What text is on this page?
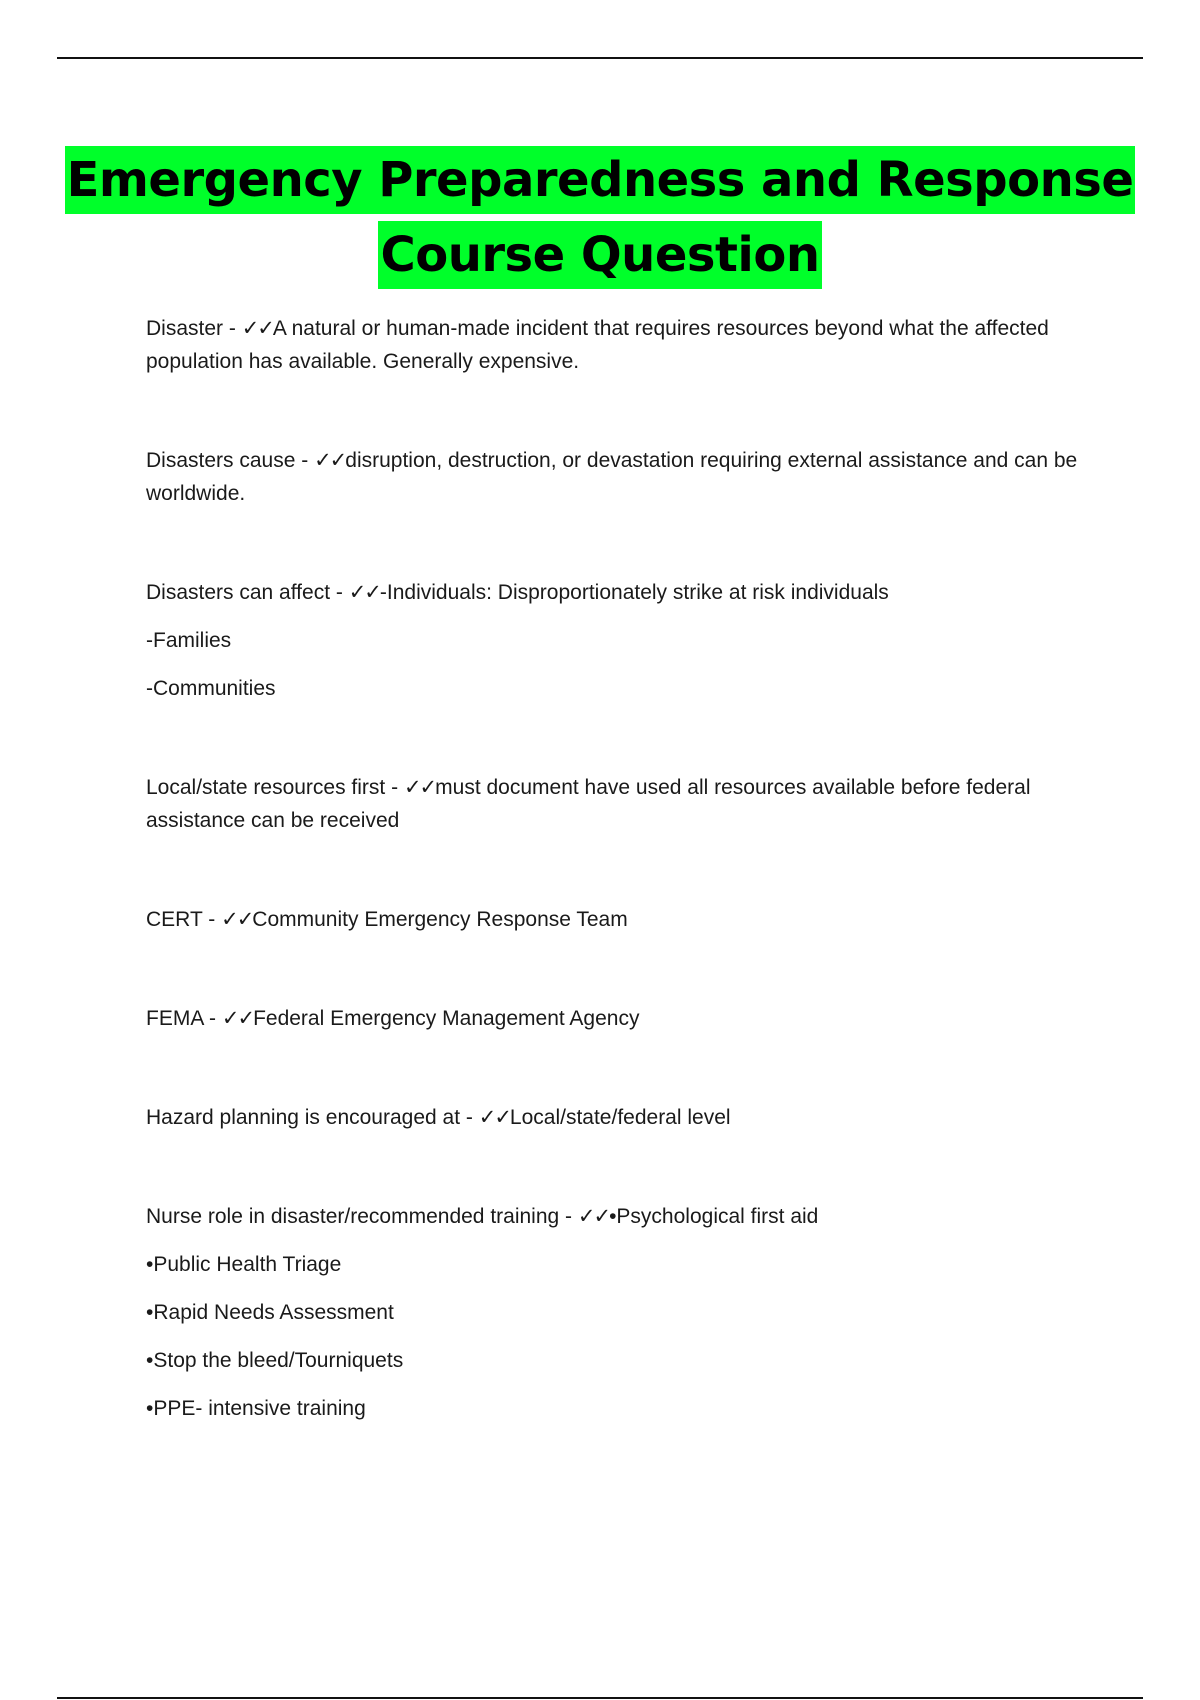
Emergency Preparedness and Response
Course Question

Disaster - ✓✓A natural or human-made incident that requires resources beyond what the affected population has available. Generally expensive.

Disasters cause - ✓✓disruption, destruction, or devastation requiring external assistance and can be worldwide.

Disasters can affect - ✓✓-Individuals: Disproportionately strike at risk individuals

-Families

-Communities

Local/state resources first - ✓✓must document have used all resources available before federal assistance can be received

CERT - ✓✓Community Emergency Response Team

FEMA - ✓✓Federal Emergency Management Agency

Hazard planning is encouraged at - ✓✓Local/state/federal level

Nurse role in disaster/recommended training - ✓✓•Psychological first aid

•Public Health Triage

•Rapid Needs Assessment

•Stop the bleed/Tourniquets

•PPE- intensive training
